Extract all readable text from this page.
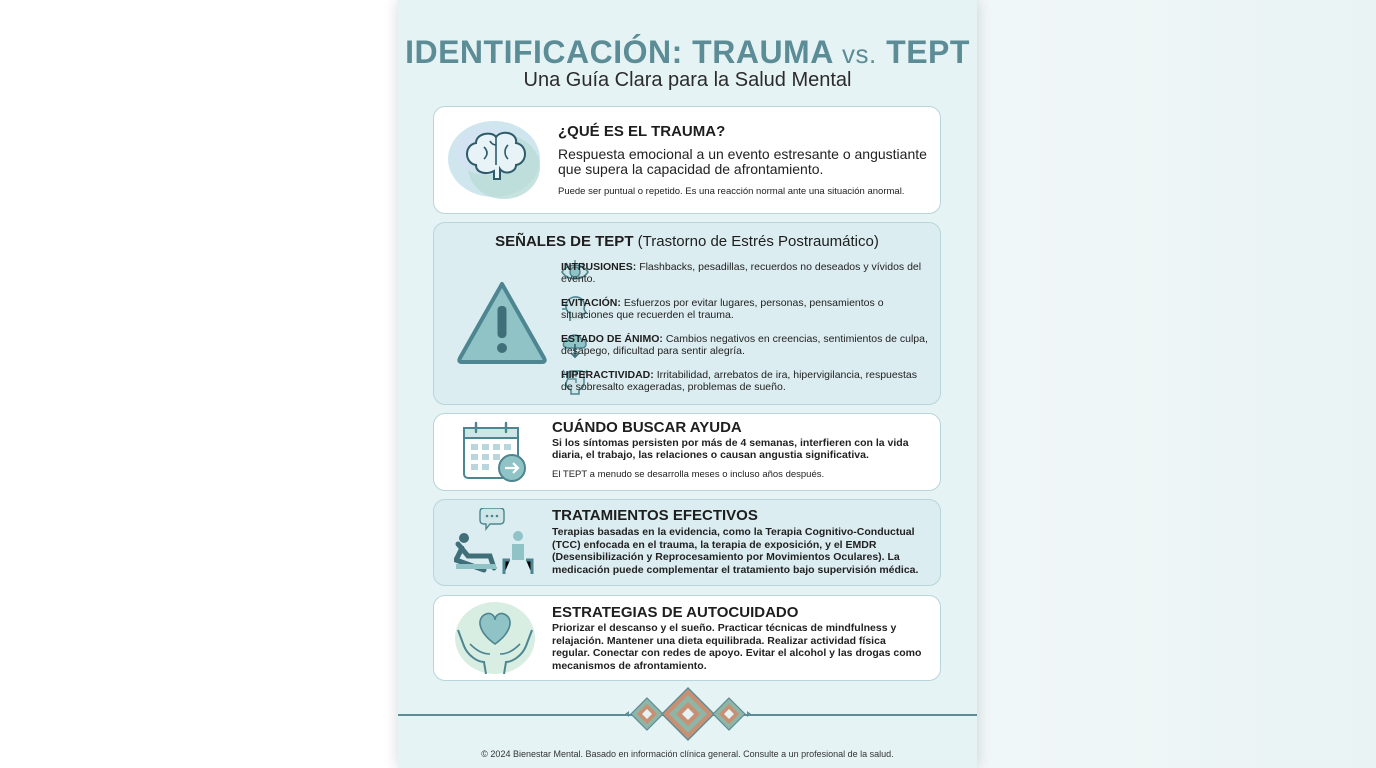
IDENTIFICACIÓN: TRAUMA vs. TEPT
Una Guía Clara para la Salud Mental
¿QUÉ ES EL TRAUMA?
Respuesta emocional a un evento estresante o angustiante que supera la capacidad de afrontamiento.
Puede ser puntual o repetido. Es una reacción normal ante una situación anormal.
SEÑALES DE TEPT (Trastorno de Estrés Postraumático)
INTRUSIONES: Flashbacks, pesadillas, recuerdos no deseados y vívidos del evento.
EVITACIÓN: Esfuerzos por evitar lugares, personas, pensamientos o situaciones que recuerden el trauma.
ESTADO DE ÁNIMO: Cambios negativos en creencias, sentimientos de culpa, desapego, dificultad para sentir alegría.
HIPERACTIVIDAD: Irritabilidad, arrebatos de ira, hipervigilancia, respuestas de sobresalto exageradas, problemas de sueño.
CUÁNDO BUSCAR AYUDA
Si los síntomas persisten por más de 4 semanas, interfieren con la vida diaria, el trabajo, las relaciones o causan angustia significativa.
El TEPT a menudo se desarrolla meses o incluso años después.
TRATAMIENTOS EFECTIVOS
Terapias basadas en la evidencia, como la Terapia Cognitivo-Conductual (TCC) enfocada en el trauma, la terapia de exposición, y el EMDR (Desensibilización y Reprocesamiento por Movimientos Oculares). La medicación puede complementar el tratamiento bajo supervisión médica.
ESTRATEGIAS DE AUTOCUIDADO
Priorizar el descanso y el sueño. Practicar técnicas de mindfulness y relajación. Mantener una dieta equilibrada. Realizar actividad física regular. Conectar con redes de apoyo. Evitar el alcohol y las drogas como mecanismos de afrontamiento.
© 2024 Bienestar Mental. Basado en información clínica general. Consulte a un profesional de la salud.
